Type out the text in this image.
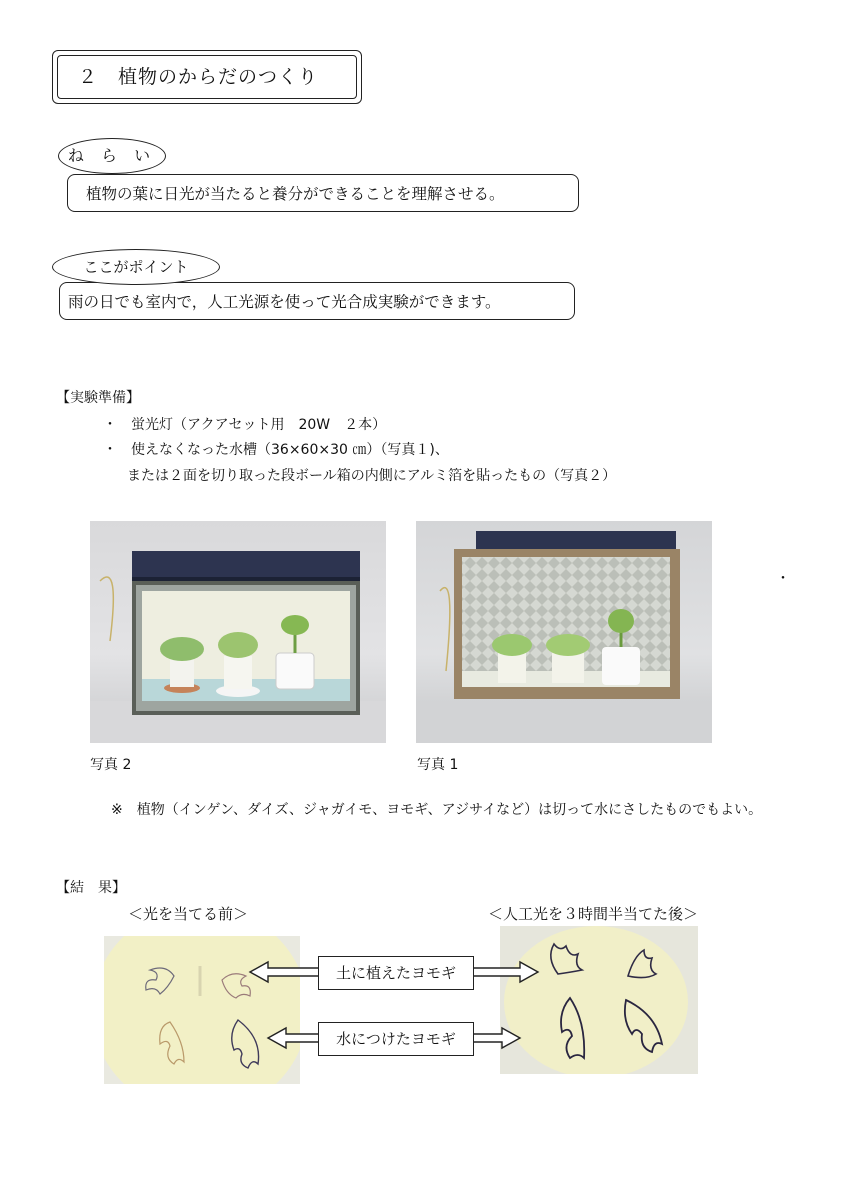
２　植物のからだのつくり
ね ら い
植物の葉に日光が当たると養分ができることを理解させる。
ここがポイント
雨の日でも室内で，人工光源を使って光合成実験ができます。
【実験準備】
・　蛍光灯（アクアセット用　20W　２本）
・　使えなくなった水槽（36×60×30 ㎝）（写真１)、
または２面を切り取った段ボール箱の内側にアルミ箔を貼ったもの（写真２）
写真 2	写真 1
・
※　植物（インゲン、ダイズ、ジャガイモ、ヨモギ、アジサイなど）は切って水にさしたものでもよい。
【結　果】
＜光を当てる前＞	＜人工光を３時間半当てた後＞
土に植えたヨモギ
水につけたヨモギ
